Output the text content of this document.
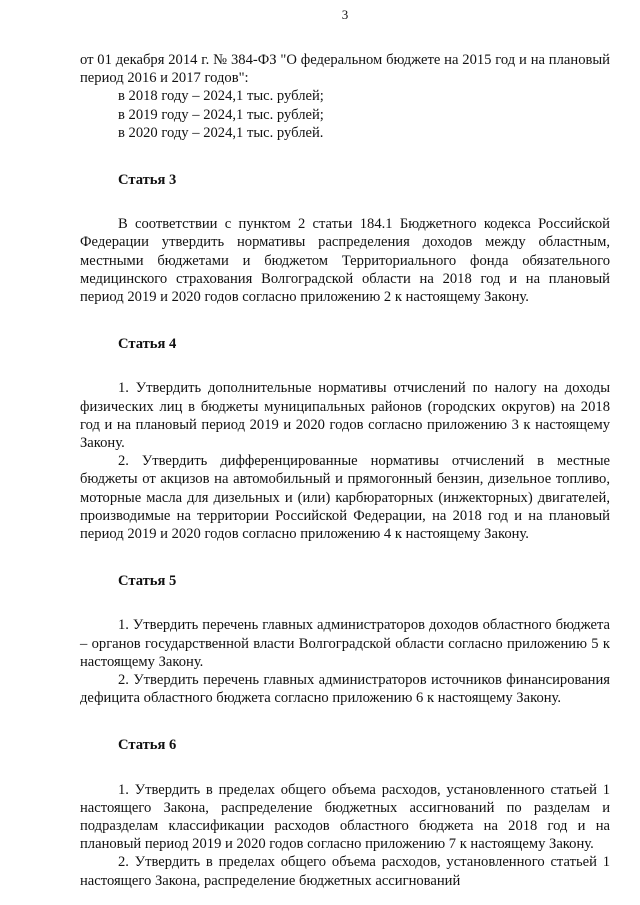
3

от 01 декабря 2014 г. № 384-ФЗ "О федеральном бюджете на 2015 год и на плановый период 2016 и 2017 годов":

в 2018 году – 2024,1 тыс. рублей;

в 2019 году – 2024,1 тыс. рублей;

в 2020 году – 2024,1 тыс. рублей.

Статья 3

В соответствии с пунктом 2 статьи 184.1 Бюджетного кодекса Российской Федерации утвердить нормативы распределения доходов между областным, местными бюджетами и бюджетом Территориального фонда обязательного медицинского страхования Волгоградской области на 2018 год и на плановый период 2019 и 2020 годов согласно приложению 2 к настоящему Закону.

Статья 4

1. Утвердить дополнительные нормативы отчислений по налогу на доходы физических лиц в бюджеты муниципальных районов (городских округов) на 2018 год и на плановый период 2019 и 2020 годов согласно приложению 3 к настоящему Закону.

2. Утвердить дифференцированные нормативы отчислений в местные бюджеты от акцизов на автомобильный и прямогонный бензин, дизельное топливо, моторные масла для дизельных и (или) карбюраторных (инжекторных) двигателей, производимые на территории Российской Федерации, на 2018 год и на плановый период 2019 и 2020 годов согласно приложению 4 к настоящему Закону.

Статья 5

1. Утвердить перечень главных администраторов доходов областного бюджета – органов государственной власти Волгоградской области согласно приложению 5 к настоящему Закону.

2. Утвердить перечень главных администраторов источников финансирования дефицита областного бюджета согласно приложению 6 к настоящему Закону.

Статья 6

1. Утвердить в пределах общего объема расходов, установленного статьей 1 настоящего Закона, распределение бюджетных ассигнований по разделам и подразделам классификации расходов областного бюджета на 2018 год и на плановый период 2019 и 2020 годов согласно приложению 7 к настоящему Закону.

2. Утвердить в пределах общего объема расходов, установленного статьей 1 настоящего Закона, распределение бюджетных ассигнований
